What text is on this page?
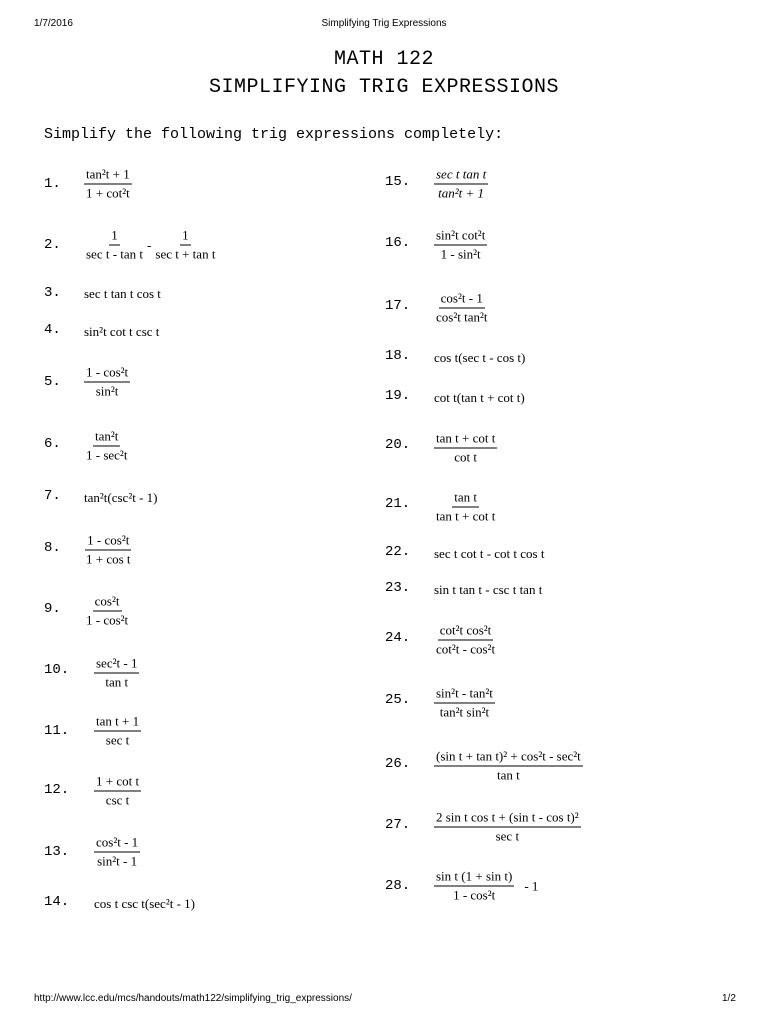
1/7/2016	Simplifying Trig Expressions
MATH 122
SIMPLIFYING TRIG EXPRESSIONS
Simplify the following trig expressions completely:
1. $\frac{\text{tan²t + 1}}{\text{1 + cot²t}}$
2. $\frac{1}{\text{sec t - tan t}} - \frac{1}{\text{sec t + tan t}}$
3. sec t tan t cos t
4. sin²t cot t csc t
5. $\frac{\text{1 - cos²t}}{\text{sin²t}}$
6. $\frac{\text{tan²t}}{\text{1 - sec²t}}$
7. tan²t(csc²t - 1)
8. $\frac{\text{1 - cos²t}}{\text{1 + cos t}}$
9. $\frac{\text{cos²t}}{\text{1 - cos²t}}$
10. $\frac{\text{sec²t - 1}}{\text{tan t}}$
11. $\frac{\text{tan t + 1}}{\text{sec t}}$
12. $\frac{\text{1 + cot t}}{\text{csc t}}$
13. $\frac{\text{cos²t - 1}}{\text{sin²t - 1}}$
14. cos t csc t(sec²t - 1)
15. $\frac{\text{sec t tan t}}{\text{tan²t + 1}}$
16. $\frac{\text{sin²t cot²t}}{\text{1 - sin²t}}$
17. $\frac{\text{cos²t - 1}}{\text{cos²t tan²t}}$
18. cos t(sec t - cos t)
19. cot t(tan t + cot t)
20. $\frac{\text{tan t + cot t}}{\text{cot t}}$
21. $\frac{\text{tan t}}{\text{tan t + cot t}}$
22. sec t cot t - cot t cos t
23. sin t tan t - csc t tan t
24. $\frac{\text{cot²t cos²t}}{\text{cot²t - cos²t}}$
25. $\frac{\text{sin²t - tan²t}}{\text{tan²t sin²t}}$
26. $\frac{\text{(sin t + tan t)² + cos²t - sec²t}}{\text{tan t}}$
27. $\frac{\text{2 sin t cos t + (sin t - cos t)²}}{\text{sec t}}$
28. $\frac{\text{sin t (1 + sin t)}}{\text{1 - cos²t}} - 1$
http://www.lcc.edu/mcs/handouts/math122/simplifying_trig_expressions/	1/2
